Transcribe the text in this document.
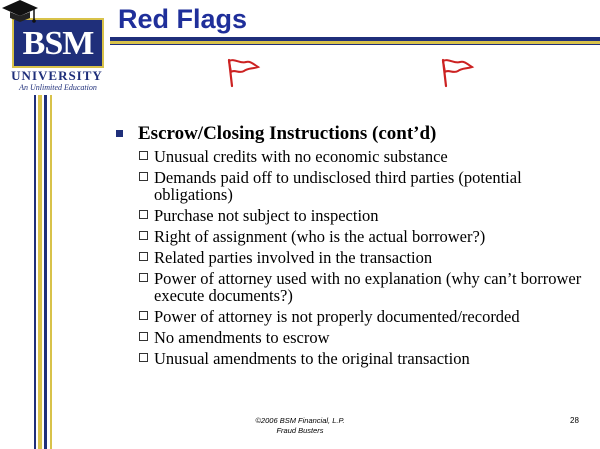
BSM
UNIVERSITY
An Unlimited Education
Red Flags
Escrow/Closing Instructions (cont’d)
Unusual credits with no economic substance
Demands paid off to undisclosed third parties (potential obligations)
Purchase not subject to inspection
Right of assignment (who is the actual borrower?)
Related parties involved in the transaction
Power of attorney used with no explanation (why can’t borrower execute documents?)
Power of attorney is not properly documented/recorded
No amendments to escrow
Unusual amendments to the original transaction
©2006 BSM Financial, L.P.
Fraud Busters
28
